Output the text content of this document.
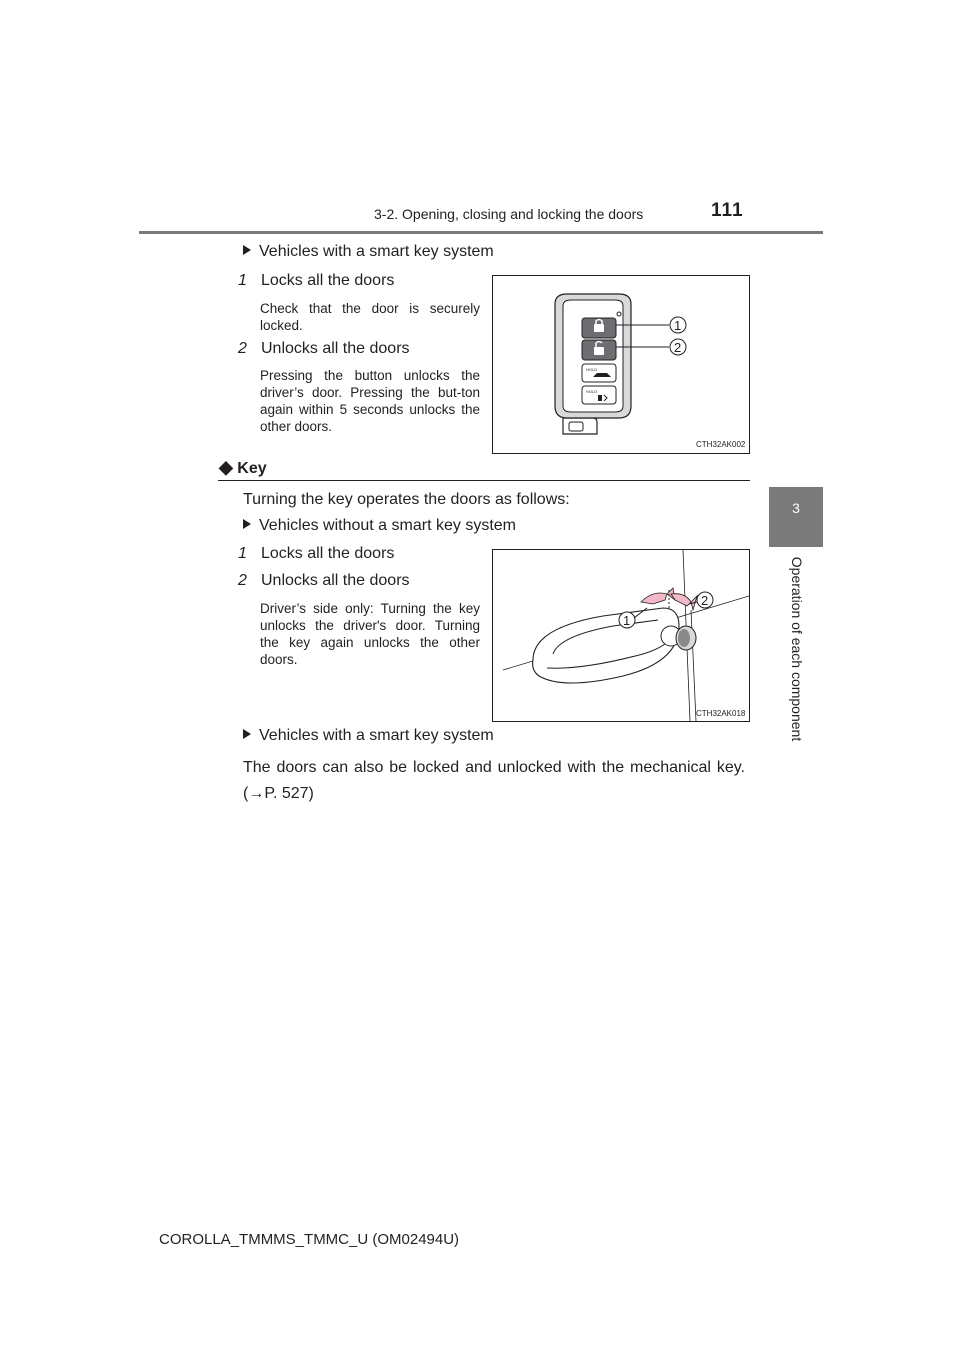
3-2. Opening, closing and locking the doors	111
3
Operation of each component
Vehicles with a smart key system
1 Locks all the doors
Check that the door is securely locked.
2 Unlocks all the doors
Pressing the button unlocks the driver’s door. Pressing the but-ton again within 5 seconds unlocks the other doors.
HOLD
HOLD
1
2
CTH32AK002
◆ Key
Turning the key operates the doors as follows:
Vehicles without a smart key system
1 Locks all the doors
2 Unlocks all the doors
Driver’s side only: Turning the key unlocks the driver's door. Turning the key again unlocks the other doors.
1
2
CTH32AK018
Vehicles with a smart key system
The doors can also be locked and unlocked with the mechanical key. (→P. 527)
COROLLA_TMMMS_TMMC_U (OM02494U)
